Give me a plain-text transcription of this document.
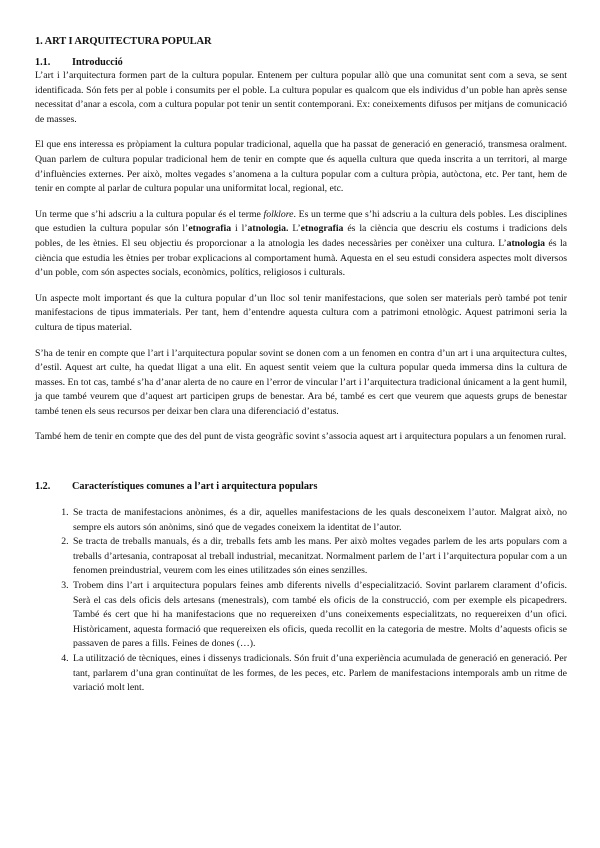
1. ART I ARQUITECTURA POPULAR
1.1. Introducció

L’art i l’arquitectura formen part de la cultura popular. Entenem per cultura popular allò que una comunitat sent com a seva, se sent identificada. Són fets per al poble i consumits per el poble. La cultura popular es qualcom que els individus d’un poble han après sense necessitat d’anar a escola, com a cultura popular pot tenir un sentit contemporani. Ex: coneixements difusos per mitjans de comunicació de masses.

El que ens interessa es pròpiament la cultura popular tradicional, aquella que ha passat de generació en generació, transmesa oralment. Quan parlem de cultura popular tradicional hem de tenir en compte que és aquella cultura que queda inscrita a un territori, al marge d’influències externes. Per això, moltes vegades s’anomena a la cultura popular com a cultura pròpia, autòctona, etc. Per tant, hem de tenir en compte al parlar de cultura popular una uniformitat local, regional, etc.

Un terme que s’hi adscriu a la cultura popular és el terme folklore. Es un terme que s’hi adscriu a la cultura dels pobles. Les disciplines que estudien la cultura popular són l’etnografia i l’atnologia. L’etnografia és la ciència que descriu els costums i tradicions dels pobles, de les ètnies. El seu objectiu és proporcionar a la atnologia les dades necessàries per conèixer una cultura. L’atnologia és la ciència que estudia les ètnies per trobar explicacions al comportament humà. Aquesta en el seu estudi considera aspectes molt diversos d’un poble, com són aspectes socials, econòmics, polítics, religiosos i culturals.

Un aspecte molt important és que la cultura popular d’un lloc sol tenir manifestacions, que solen ser materials però també pot tenir manifestacions de tipus immaterials. Per tant, hem d’entendre aquesta cultura com a patrimoni etnològic. Aquest patrimoni seria la cultura de tipus material.

S’ha de tenir en compte que l’art i l’arquitectura popular sovint se donen com a un fenomen en contra d’un art i una arquitectura cultes, d’estil. Aquest art culte, ha quedat lligat a una elit. En aquest sentit veiem que la cultura popular queda immersa dins la cultura de masses. En tot cas, també s’ha d’anar alerta de no caure en l’error de vincular l’art i l’arquitectura tradicional únicament a la gent humil, ja que també veurem que d’aquest art participen grups de benestar. Ara bé, també es cert que veurem que aquests grups de benestar també tenen els seus recursos per deixar ben clara una diferenciació d’estatus.

També hem de tenir en compte que des del punt de vista geogràfic sovint s’associa aquest art i arquitectura populars a un fenomen rural.

1.2. Característiques comunes a l’art i arquitectura populars
1. Se tracta de manifestacions anònimes, és a dir, aquelles manifestacions de les quals desconeixem l’autor. Malgrat això, no sempre els autors són anònims, sinó que de vegades coneixem la identitat de l’autor.
2. Se tracta de treballs manuals, és a dir, treballs fets amb les mans. Per això moltes vegades parlem de les arts populars com a treballs d’artesania, contraposat al treball industrial, mecanitzat. Normalment parlem de l’art i l’arquitectura popular com a un fenomen preindustrial, veurem com les eines utilitzades són eines senzilles.
3. Trobem dins l’art i arquitectura populars feines amb diferents nivells d’especialització. Sovint parlarem clarament d’oficis. Serà el cas dels oficis dels artesans (menestrals), com també els oficis de la construcció, com per exemple els picapedrers. També és cert que hi ha manifestacions que no requereixen d’uns coneixements especialitzats, no requereixen d’un ofici. Històricament, aquesta formació que requereixen els oficis, queda recollit en la categoria de mestre. Molts d’aquests oficis se passaven de pares a fills. Feines de dones (…).
4. La utilització de tècniques, eines i dissenys tradicionals. Són fruit d’una experiència acumulada de generació en generació. Per tant, parlarem d’una gran continuïtat de les formes, de les peces, etc. Parlem de manifestacions intemporals amb un ritme de variació molt lent.
